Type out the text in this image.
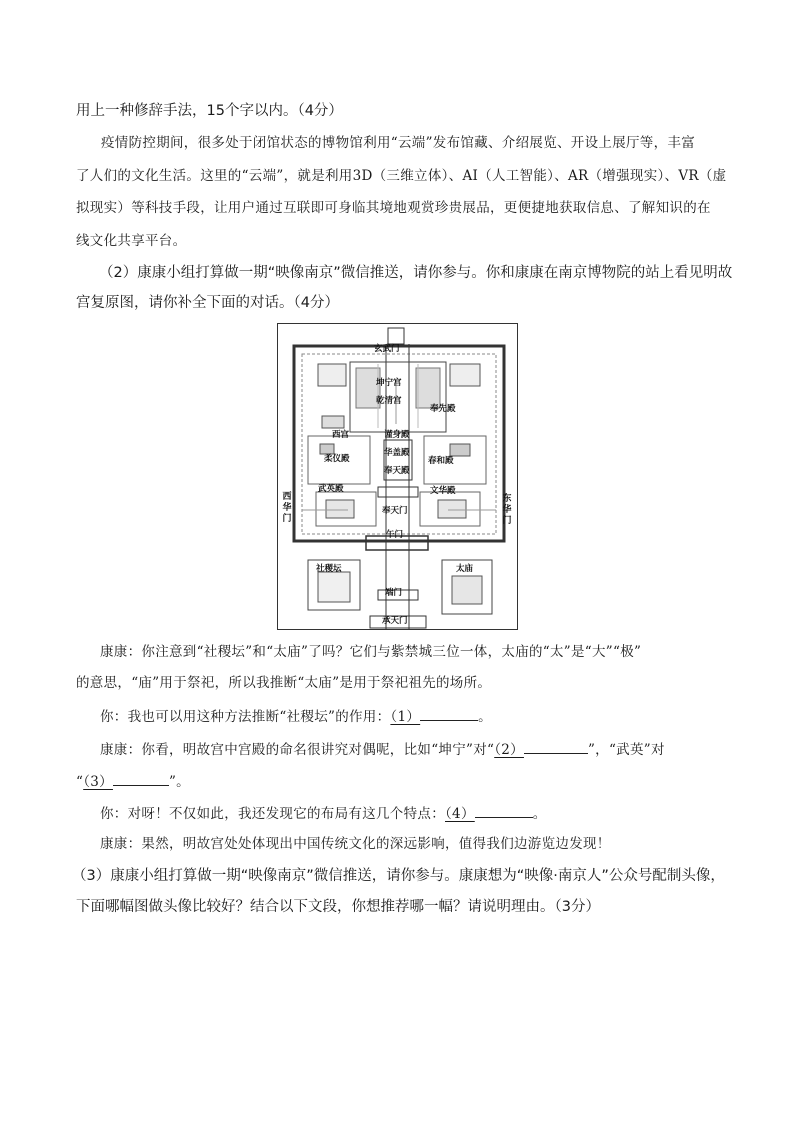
用上一种修辞手法，15个字以内。（4分）
疫情防控期间，很多处于闭馆状态的博物馆利用“云端”发布馆藏、介绍展览、开设上展厅等，丰富
了人们的文化生活。这里的“云端”，就是利用3D（三维立体）、AI（人工智能）、AR（增强现实）、VR（虚
拟现实）等科技手段，让用户通过互联即可身临其境地观赏珍贵展品，更便捷地获取信息、了解知识的在
线文化共享平台。
（2）康康小组打算做一期“映像南京”微信推送，请你参与。你和康康在南京博物院的站上看见明故
宫复原图，请你补全下面的对话。（4分）
玄武门
坤宁宫
乾清宫
奉先殿
西宫	谨身殿
华盖殿
奉天殿
柔仪殿	春和殿
武英殿	文华殿
奉天门
西华门
东华门
午门
社稷坛	太庙
端门
承天门
康康：你注意到“社稷坛”和“太庙”了吗？它们与紫禁城三位一体，太庙的“太”是“大”“极”
的意思，“庙”用于祭祀，所以我推断“太庙”是用于祭祀祖先的场所。
你：我也可以用这种方法推断“社稷坛”的作用：（1）	。
康康：你看，明故宫中宫殿的命名很讲究对偶呢，比如“坤宁”对“（2）	”，“武英”对
“（3）	”。
你：对呀！不仅如此，我还发现它的布局有这几个特点：（4）	。
康康：果然，明故宫处处体现出中国传统文化的深远影响，值得我们边游览边发现！
（3）康康小组打算做一期“映像南京”微信推送，请你参与。康康想为“映像·南京人”公众号配制头像，
下面哪幅图做头像比较好？结合以下文段，你想推荐哪一幅？请说明理由。（3分）
